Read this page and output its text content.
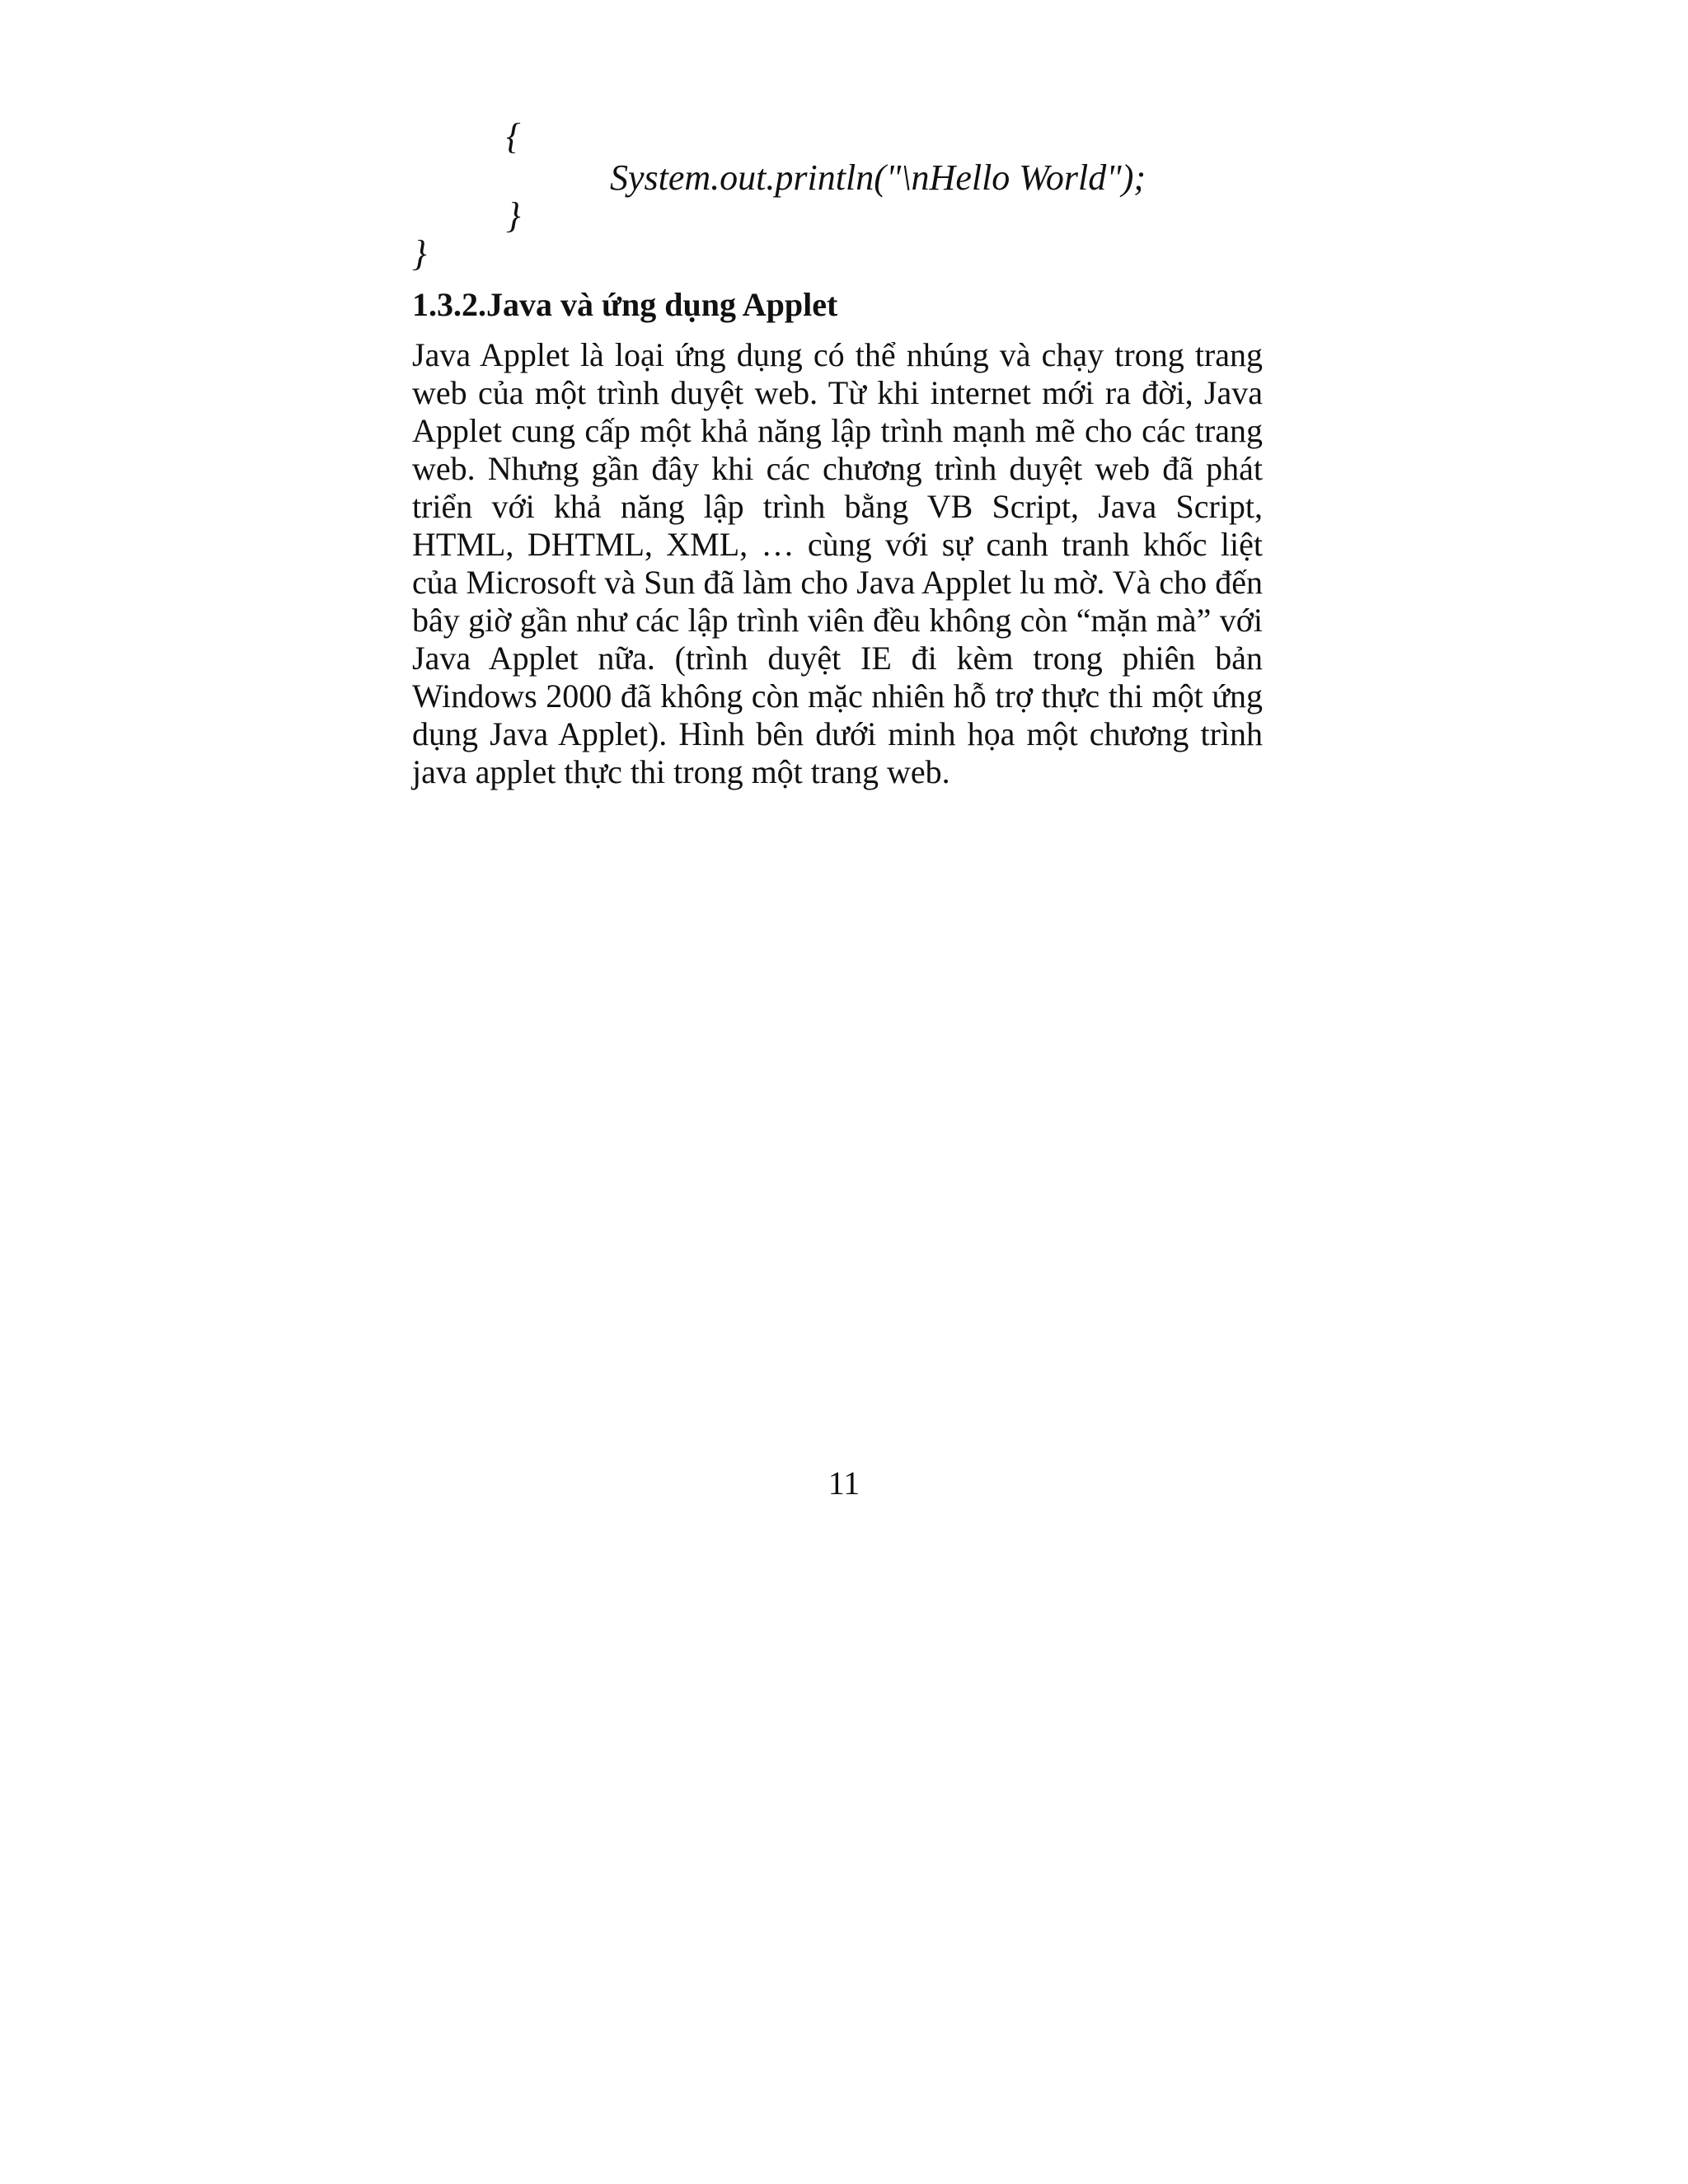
{
System.out.println("\nHello World");
}
}
1.3.2.Java và ứng dụng Applet

Java Applet là loại ứng dụng có thể nhúng và chạy trong trang web của một trình duyệt web. Từ khi internet mới ra đời, Java Applet cung cấp một khả năng lập trình mạnh mẽ cho các trang web. Nhưng gần đây khi các chương trình duyệt web đã phát triển với khả năng lập trình bằng VB Script, Java Script, HTML, DHTML, XML, … cùng với sự canh tranh khốc liệt của Microsoft và Sun đã làm cho Java Applet lu mờ. Và cho đến bây giờ gần như các lập trình viên đều không còn “mặn mà” với Java Applet nữa. (trình duyệt IE đi kèm trong phiên bản Windows 2000 đã không còn mặc nhiên hỗ trợ thực thi một ứng dụng Java Applet). Hình bên dưới minh họa một chương trình java applet thực thi trong một trang web.

11
